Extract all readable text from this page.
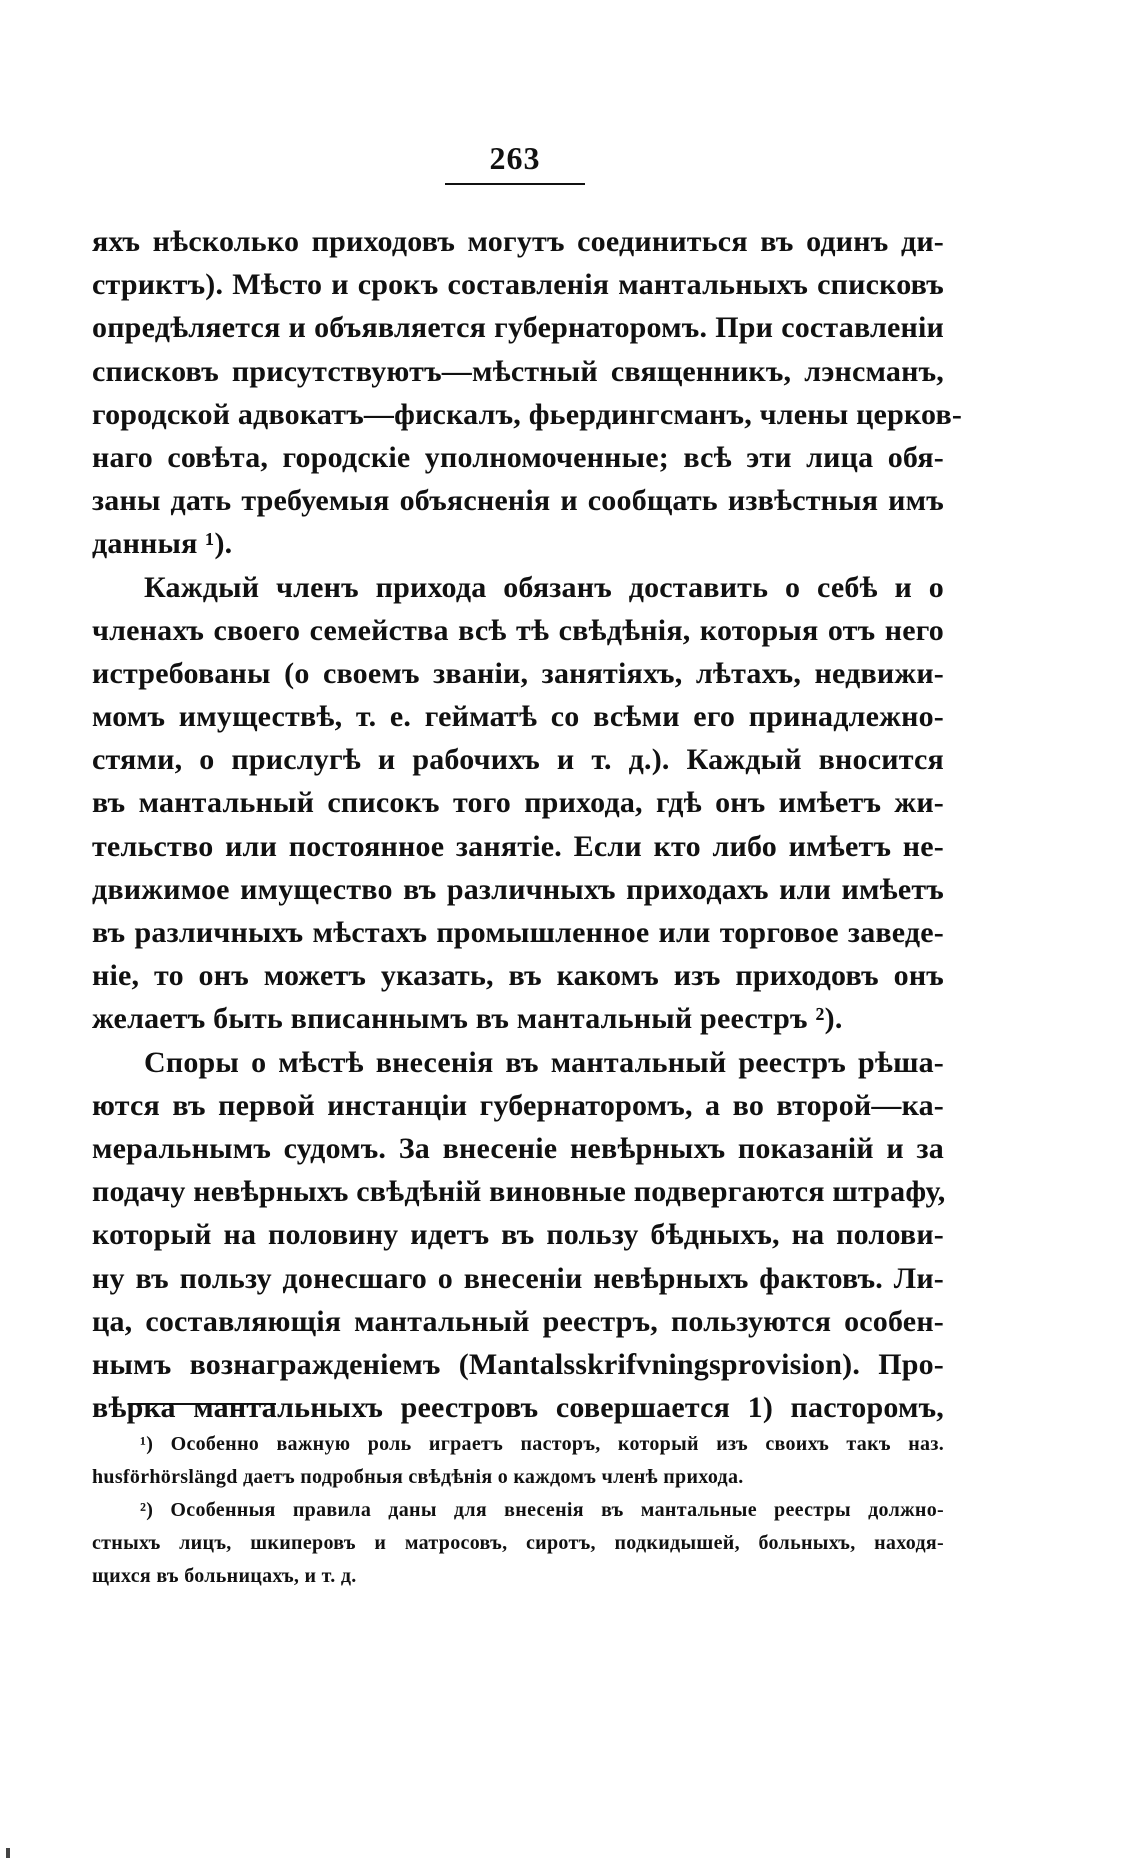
263
яхъ нѣсколько приходовъ могутъ соединиться въ одинъ ди-
стриктъ). Мѣсто и срокъ составленія мантальныхъ списковъ
опредѣляется и объявляется губернаторомъ. При составленіи
списковъ присутствуютъ—мѣстный священникъ, лэнсманъ,
городской адвокатъ—фискалъ, фьердингсманъ, члены церков-
наго совѣта, городскіе уполномоченные; всѣ эти лица обя-
заны дать требуемыя объясненія и сообщать извѣстныя имъ
данныя ¹).
Каждый членъ прихода обязанъ доставить о себѣ и о
членахъ своего семейства всѣ тѣ свѣдѣнія, которыя отъ него
истребованы (о своемъ званіи, занятіяхъ, лѣтахъ, недвижи-
момъ имуществѣ, т. е. гейматѣ со всѣми его принадлежно-
стями, о прислугѣ и рабочихъ и т. д.). Каждый вносится
въ мантальный списокъ того прихода, гдѣ онъ имѣетъ жи-
тельство или постоянное занятіе. Если кто либо имѣетъ не-
движимое имущество въ различныхъ приходахъ или имѣетъ
въ различныхъ мѣстахъ промышленное или торговое заведе-
ніе, то онъ можетъ указать, въ какомъ изъ приходовъ онъ
желаетъ быть вписаннымъ въ мантальный реестръ ²).
Споры о мѣстѣ внесенія въ мантальный реестръ рѣша-
ются въ первой инстанціи губернаторомъ, а во второй—ка-
меральнымъ судомъ. За внесеніе невѣрныхъ показаній и за
подачу невѣрныхъ свѣдѣній виновные подвергаются штрафу,
который на половину идетъ въ пользу бѣдныхъ, на полови-
ну въ пользу донесшаго о внесеніи невѣрныхъ фактовъ. Ли-
ца, составляющія мантальный реестръ, пользуются особен-
нымъ вознагражденіемъ (Mantalsskrifvningsprovision). Про-
вѣрка мантальныхъ реестровъ совершается 1) пасторомъ,
¹) Особенно важную роль играетъ пасторъ, который изъ своихъ такъ наз.
husförhörslängd даетъ подробныя свѣдѣнія о каждомъ членѣ прихода.
²) Особенныя правила даны для внесенія въ мантальные реестры должно-
стныхъ лицъ, шкиперовъ и матросовъ, сиротъ, подкидышей, больныхъ, находя-
щихся въ больницахъ, и т. д.
